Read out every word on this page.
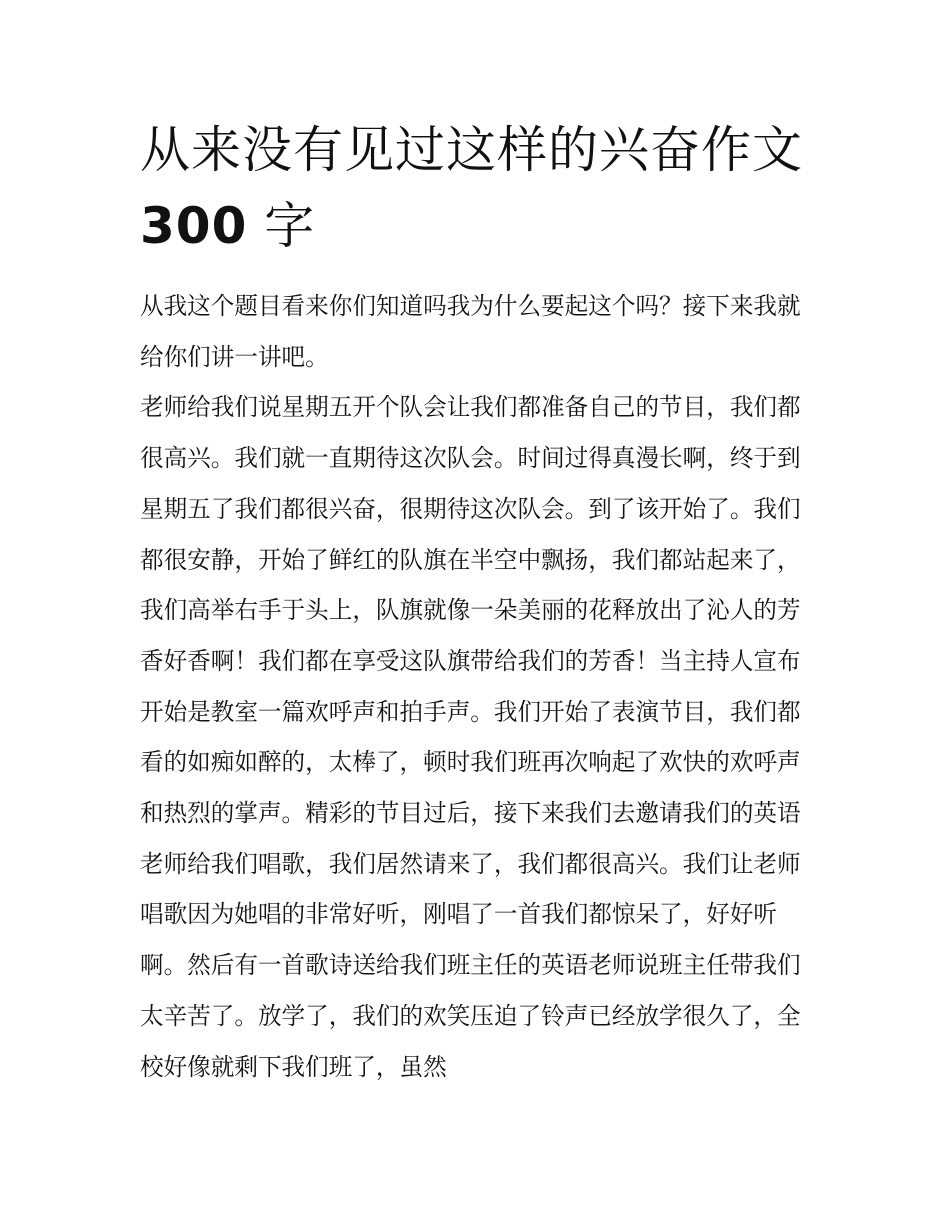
从来没有见过这样的兴奋作文
300 字

从我这个题目看来你们知道吗我为什么要起这个吗？接下来我就给你们讲一讲吧。

老师给我们说星期五开个队会让我们都准备自己的节目，我们都很高兴。我们就一直期待这次队会。时间过得真漫长啊，终于到星期五了我们都很兴奋，很期待这次队会。到了该开始了。我们都很安静，开始了鲜红的队旗在半空中飘扬，我们都站起来了，我们高举右手于头上，队旗就像一朵美丽的花释放出了沁人的芳香好香啊！我们都在享受这队旗带给我们的芳香！当主持人宣布开始是教室一篇欢呼声和拍手声。我们开始了表演节目，我们都看的如痴如醉的，太棒了，顿时我们班再次响起了欢快的欢呼声和热烈的掌声。精彩的节目过后，接下来我们去邀请我们的英语老师给我们唱歌，我们居然请来了，我们都很高兴。我们让老师唱歌因为她唱的非常好听，刚唱了一首我们都惊呆了，好好听啊。然后有一首歌诗送给我们班主任的英语老师说班主任带我们太辛苦了。放学了，我们的欢笑压迫了铃声已经放学很久了，全校好像就剩下我们班了，虽然
